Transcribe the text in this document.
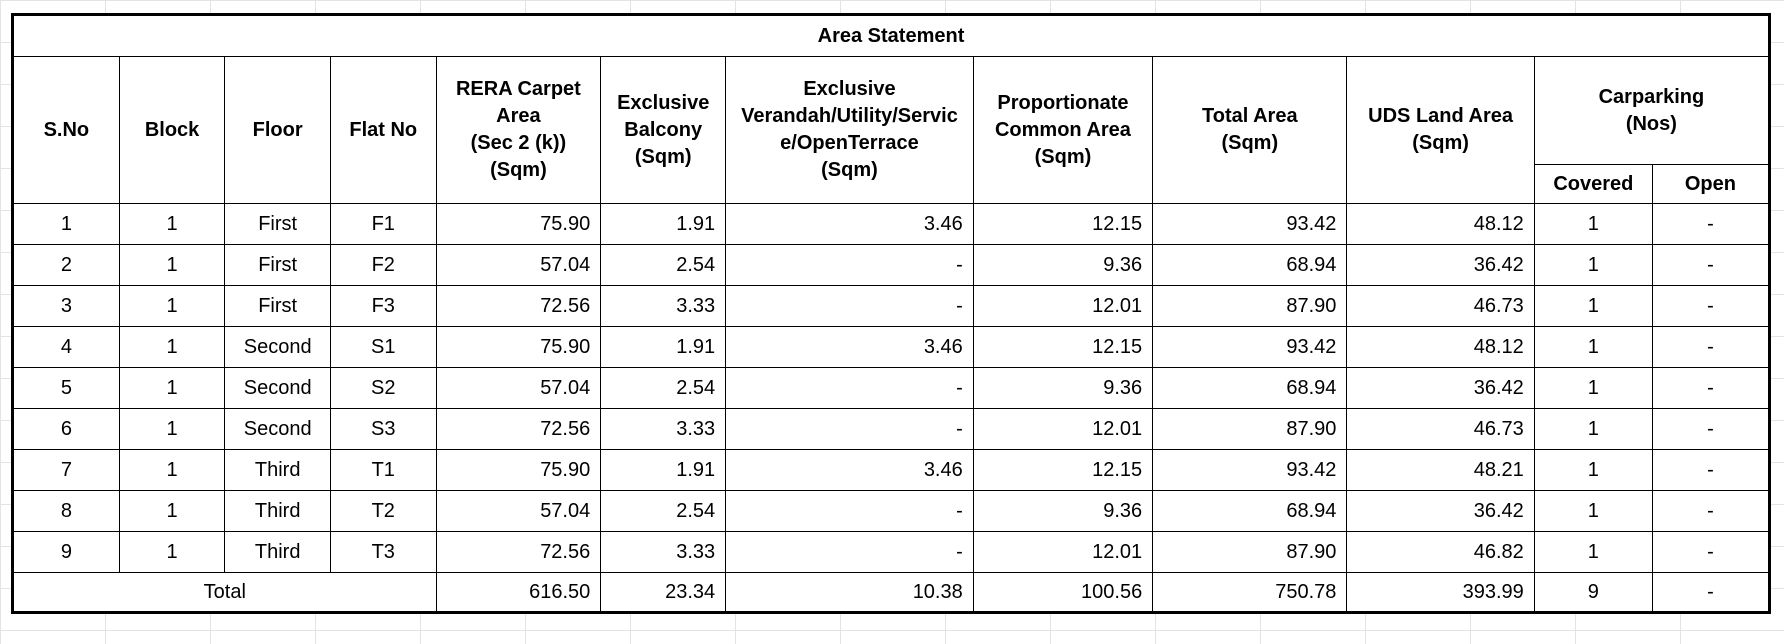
Area Statement											
S.No	Block	Floor	Flat No	RERA Carpet
Area
(Sec 2 (k))
(Sqm)	Exclusive
Balcony
(Sqm)	Exclusive
Verandah/Utility/Servic
e/OpenTerrace
(Sqm)	Proportionate
Common Area
(Sqm)	Total Area
(Sqm)	UDS Land Area
(Sqm)	Carparking
(Nos)	
										Covered	Open
1	1	First	F1	75.90	1.91	3.46	12.15	93.42	48.12	1	-
2	1	First	F2	57.04	2.54	-	9.36	68.94	36.42	1	-
3	1	First	F3	72.56	3.33	-	12.01	87.90	46.73	1	-
4	1	Second	S1	75.90	1.91	3.46	12.15	93.42	48.12	1	-
5	1	Second	S2	57.04	2.54	-	9.36	68.94	36.42	1	-
6	1	Second	S3	72.56	3.33	-	12.01	87.90	46.73	1	-
7	1	Third	T1	75.90	1.91	3.46	12.15	93.42	48.21	1	-
8	1	Third	T2	57.04	2.54	-	9.36	68.94	36.42	1	-
9	1	Third	T3	72.56	3.33	-	12.01	87.90	46.82	1	-
Total				616.50	23.34	10.38	100.56	750.78	393.99	9	-
